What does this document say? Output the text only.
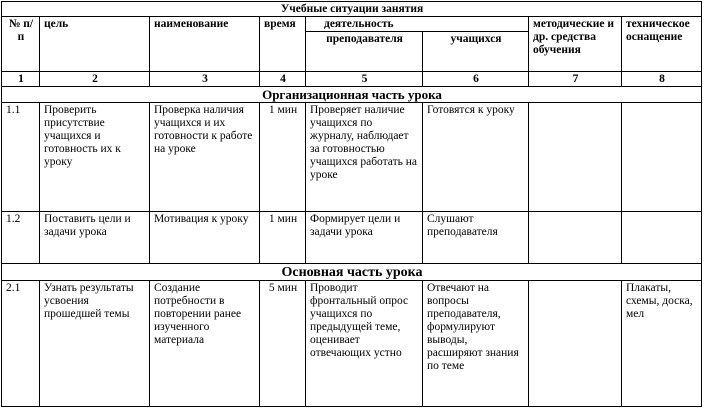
Учебные ситуации занятия							
№ п/п	цель	наименование	время	деятельность		методические и др. средства обучения	техническое оснащение
				преподавателя	учащихся		
1	2	3	4	5	6	7	8
Организационная часть урока							
1.1	Проверить присутствие учащихся и готовность их к уроку	Проверка наличия учащихся и их готовности к работе на уроке	1 мин	Проверяет наличие учащихся по журналу, наблюдает за готовностью учащихся работать на уроке	Готовятся к уроку		
1.2	Поставить цели и задачи урока	Мотивация к уроку	1 мин	Формирует цели и задачи урока	Слушают преподавателя		
Основная часть урока							
2.1	Узнать результаты усвоения прошедшей темы	Создание потребности в повторении ранее изученного материала	5 мин	Проводит фронтальный опрос учащихся по предыдущей теме, оценивает отвечающих устно	Отвечают на вопросы преподавателя, формулируют выводы, расширяют знания по теме		Плакаты, схемы, доска, мел
